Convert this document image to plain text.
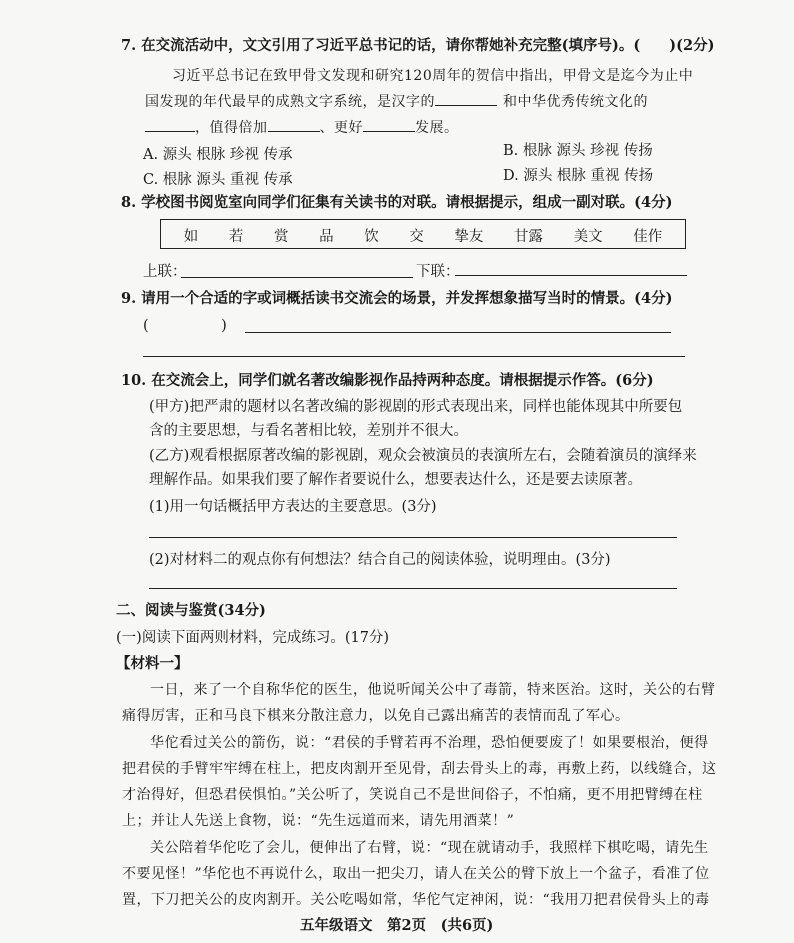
7. 在交流活动中，文文引用了习近平总书记的话，请你帮她补充完整(填序号)。(　　)(2分)
习近平总书记在致甲骨文发现和研究120周年的贺信中指出，甲骨文是迄今为止中
国发现的年代最早的成熟文字系统，是汉字的	和中华优秀传统文化的
，值得倍加	、更好	发展。
A. 源头 根脉 珍视 传承	B. 根脉 源头 珍视 传扬
C. 根脉 源头 重视 传承	D. 源头 根脉 重视 传扬
8. 学校图书阅览室向同学们征集有关读书的对联。请根据提示，组成一副对联。(4分)
如 若 赏 品 饮 交 挚友 甘露 美文 佳作
上联：	下联：
9. 请用一个合适的字或词概括读书交流会的场景，并发挥想象描写当时的情景。(4分)
(　　　　　)
10. 在交流会上，同学们就名著改编影视作品持两种态度。请根据提示作答。(6分)
(甲方)把严肃的题材以名著改编的影视剧的形式表现出来，同样也能体现其中所要包
含的主要思想，与看名著相比较，差别并不很大。
(乙方)观看根据原著改编的影视剧，观众会被演员的表演所左右，会随着演员的演绎来
理解作品。如果我们要了解作者要说什么，想要表达什么，还是要去读原著。
(1)用一句话概括甲方表达的主要意思。(3分)
(2)对材料二的观点你有何想法？结合自己的阅读体验，说明理由。(3分)
二、阅读与鉴赏(34分)
(一)阅读下面两则材料，完成练习。(17分)
【材料一】
一日，来了一个自称华佗的医生，他说听闻关公中了毒箭，特来医治。这时，关公的右臂
痛得厉害，正和马良下棋来分散注意力，以免自己露出痛苦的表情而乱了军心。
华佗看过关公的箭伤，说：“君侯的手臂若再不治理，恐怕便要废了！如果要根治，便得
把君侯的手臂牢牢缚在柱上，把皮肉割开至见骨，刮去骨头上的毒，再敷上药，以线缝合，这
才治得好，但恐君侯惧怕。”关公听了，笑说自己不是世间俗子，不怕痛，更不用把臂缚在柱
上；并让人先送上食物，说：“先生远道而来，请先用酒菜！”
关公陪着华佗吃了会儿，便伸出了右臂，说：“现在就请动手，我照样下棋吃喝，请先生
不要见怪！”华佗也不再说什么，取出一把尖刀，请人在关公的臂下放上一个盆子，看准了位
置，下刀把关公的皮肉割开。关公吃喝如常，华佗气定神闲，说：“我用刀把君侯骨头上的毒
五年级语文　第2页　(共6页)
